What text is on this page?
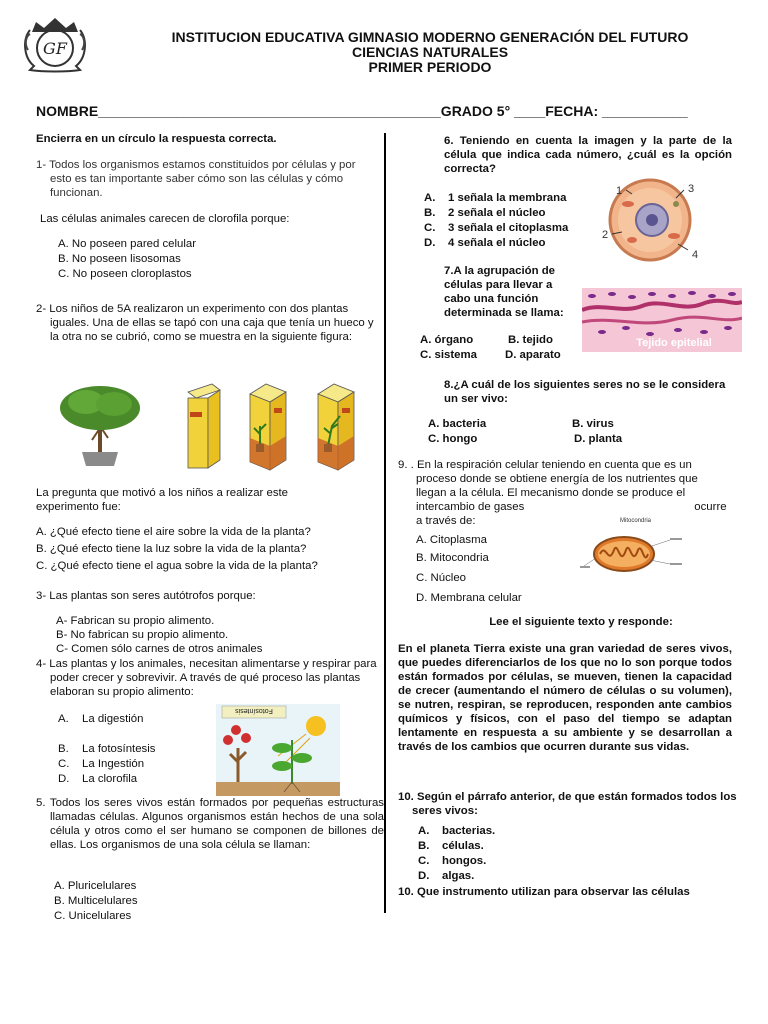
GF
INSTITUCION EDUCATIVA GIMNASIO MODERNO GENERACIÓN DEL FUTURO
CIENCIAS NATURALES
PRIMER PERIODO
NOMBRE____________________________________________GRADO 5° ____FECHA: ___________
Encierra en un círculo la respuesta correcta.
1- Todos los organismos estamos constituidos por células y por esto es tan importante saber cómo son las células y cómo funcionan.
Las células animales carecen de clorofila porque:
A. No poseen pared celular
B. No poseen lisosomas
C. No poseen cloroplastos
2- Los niños de 5A realizaron un experimento con dos plantas iguales. Una de ellas se tapó con una caja que tenía un hueco y la otra no se cubrió, como se muestra en la siguiente figura:
La pregunta que motivó a los niños a realizar este experimento fue:
A. ¿Qué efecto tiene el aire sobre la vida de la planta?
B. ¿Qué efecto tiene la luz sobre la vida de la planta?
C. ¿Qué efecto tiene el agua sobre la vida de la planta?
3- Las plantas son seres autótrofos porque:
A- Fabrican su propio alimento.
B- No fabrican su propio alimento.
C- Comen sólo carnes de otros animales
4- Las plantas y los animales, necesitan alimentarse y respirar para poder crecer y sobrevivir. A través de qué proceso las plantas elaboran su propio alimento:
A. La digestión
B. La fotosíntesis
C. La Ingestión
D. La clorofila
Fotosíntesis
5. Todos los seres vivos están formados por pequeñas estructuras llamadas células. Algunos organismos están hechos de una sola célula y otros como el ser humano se componen de billones de ellas. Los organismos de una sola célula se llaman:
A. Pluricelulares
B. Multicelulares
C. Unicelulares
6. Teniendo en cuenta la imagen y la parte de la célula que indica cada número, ¿cuál es la opción correcta?
A. 1 señala la membrana
B. 2 señala el núcleo
C. 3 señala el citoplasma
D. 4 señala el núcleo
1
2
3
4
7.A la agrupación de células para llevar a cabo una función determinada se llama:
A. órgano	B. tejido
C. sistema D. aparato
Tejido epitelial
8.¿A cuál de los siguientes seres no se le considera un ser vivo:
A. bacteria	B. virus
C. hongo	D. planta
9. . En la respiración celular teniendo en cuenta que es un
proceso donde se obtiene energía de los nutrientes que
llegan a la célula. El mecanismo donde se produce el
intercambio de gases	ocurre
a través de:
A. Citoplasma
B. Mitocondria
C. Núcleo
D. Membrana celular
Mitocondria
Lee el siguiente texto y responde:
En el planeta Tierra existe una gran variedad de seres vivos, que puedes diferenciarlos de los que no lo son porque todos están formados por células, se mueven, tienen la capacidad de crecer (aumentando el número de células o su volumen), se nutren, respiran, se reproducen, responden ante cambios químicos y físicos, con el paso del tiempo se adaptan lentamente en respuesta a su ambiente y se desarrollan a través de los cambios que ocurren durante sus vidas.
10. Según el párrafo anterior, de que están formados todos los seres vivos:
A. bacterias.
B. células.
C. hongos.
D. algas.
10. Que instrumento utilizan para observar las células
